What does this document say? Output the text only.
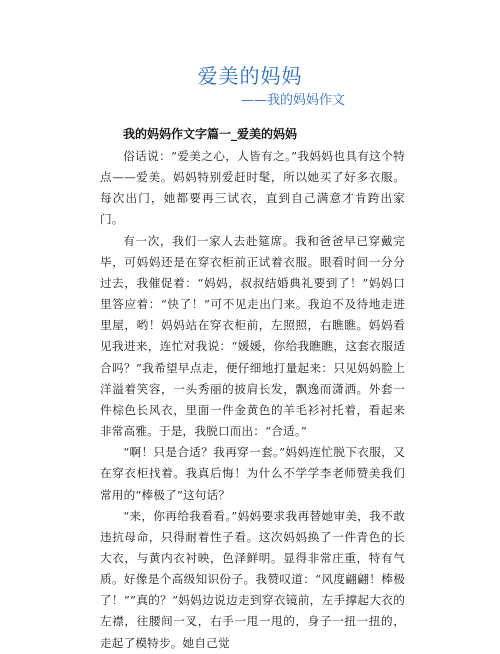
爱美的妈妈
——我的妈妈作文
我的妈妈作文字篇一_爱美的妈妈

俗话说：“爱美之心，人皆有之。”我妈妈也具有这个特点——爱美。妈妈特别爱赶时髦，所以她买了好多衣服。每次出门，她都要再三试衣，直到自己满意才肯跨出家门。

有一次，我们一家人去赴筵席。我和爸爸早已穿戴完毕，可妈妈还是在穿衣柜前正试着衣服。眼看时间一分分过去，我催促着：“妈妈，叔叔结婚典礼要到了！”妈妈口里答应着：“快了！”可不见走出门来。我迫不及待地走进里屋，哟！妈妈站在穿衣柜前，左照照，右瞧瞧。妈妈看见我进来，连忙对我说：“媛媛，你给我瞧瞧，这套衣服适合吗？”我希望早点走，便仔细地打量起来：只见妈妈脸上洋溢着笑容，一头秀丽的披肩长发，飘逸而潇洒。外套一件棕色长风衣，里面一件金黄色的羊毛衫衬托着，看起来非常高雅。于是，我脱口而出：“合适。”

“啊！只是合适？我再穿一套。”妈妈连忙脱下衣服，又在穿衣柜找着。我真后悔！为什么不学学李老师赞美我们常用的“棒极了”这句话？

“来，你再给我看看。”妈妈要求我再替她审美，我不敢违抗母命，只得耐着性子看。这次妈妈换了一件青色的长大衣，与黄内衣衬映，色泽鲜明。显得非常庄重，特有气质。好像是个高级知识份子。我赞叹道：“风度翩翩！棒极了！”“真的？”妈妈边说边走到穿衣镜前，左手撑起大衣的左襟，往腰间一叉，右手一甩一甩的，身子一扭一扭的，走起了模特步。她自己觉
